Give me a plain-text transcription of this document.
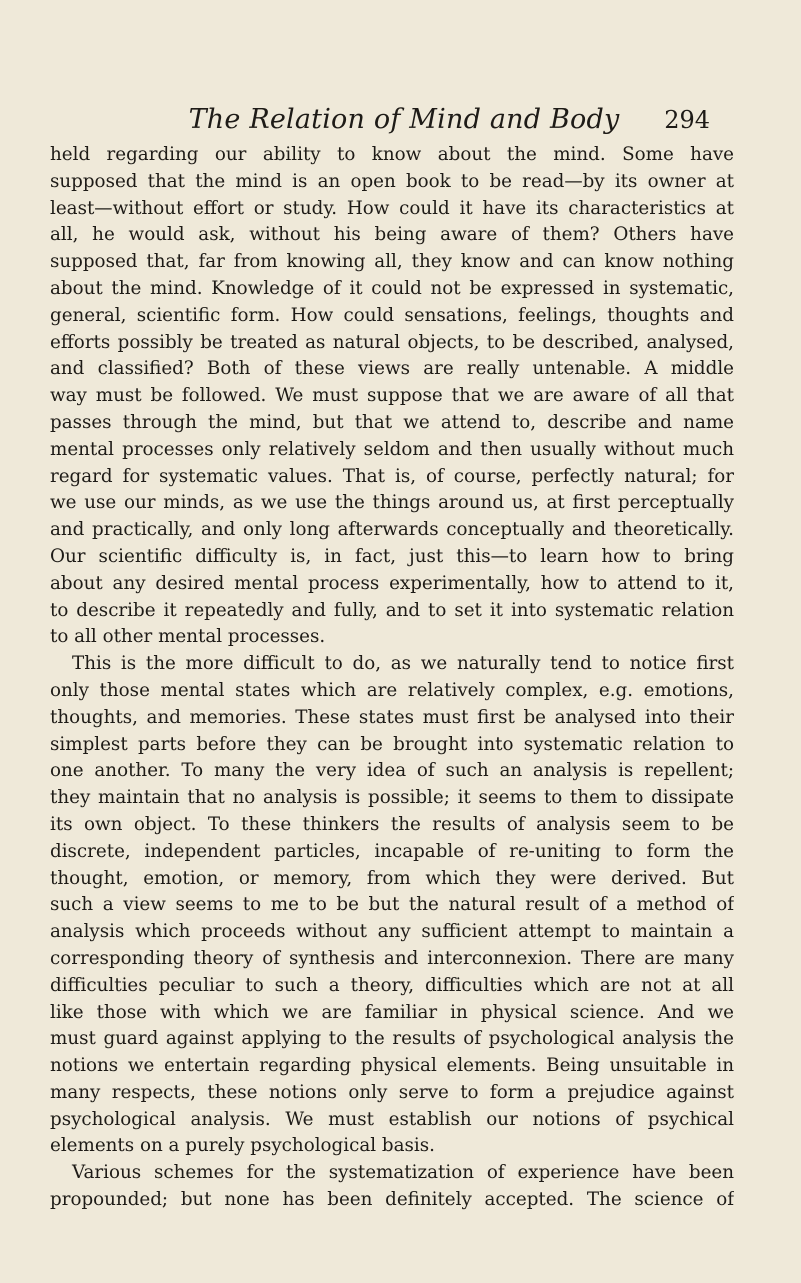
The Relation of Mind and Body	294
held regarding our ability to know about the mind. Some have
supposed that the mind is an open book to be read—by its owner at
least—without effort or study. How could it have its characteristics at
all, he would ask, without his being aware of them? Others have
supposed that, far from knowing all, they know and can know nothing
about the mind. Knowledge of it could not be expressed in systematic,
general, scientific form. How could sensations, feelings, thoughts and
efforts possibly be treated as natural objects, to be described, analysed,
and classified? Both of these views are really untenable. A middle
way must be followed. We must suppose that we are aware of all that
passes through the mind, but that we attend to, describe and name
mental processes only relatively seldom and then usually without much
regard for systematic values. That is, of course, perfectly natural; for
we use our minds, as we use the things around us, at first perceptually
and practically, and only long afterwards conceptually and theoretically.
Our scientific difficulty is, in fact, just this—to learn how to bring
about any desired mental process experimentally, how to attend to it,
to describe it repeatedly and fully, and to set it into systematic relation
to all other mental processes.
This is the more difficult to do, as we naturally tend to notice first
only those mental states which are relatively complex, e.g. emotions,
thoughts, and memories. These states must first be analysed into their
simplest parts before they can be brought into systematic relation to
one another. To many the very idea of such an analysis is repellent;
they maintain that no analysis is possible; it seems to them to dissipate
its own object. To these thinkers the results of analysis seem to be
discrete, independent particles, incapable of re-uniting to form the
thought, emotion, or memory, from which they were derived. But
such a view seems to me to be but the natural result of a method of
analysis which proceeds without any sufficient attempt to maintain a
corresponding theory of synthesis and interconnexion. There are many
difficulties peculiar to such a theory, difficulties which are not at all
like those with which we are familiar in physical science. And we
must guard against applying to the results of psychological analysis the
notions we entertain regarding physical elements. Being unsuitable in
many respects, these notions only serve to form a prejudice against
psychological analysis. We must establish our notions of psychical
elements on a purely psychological basis.
Various schemes for the systematization of experience have been
propounded; but none has been definitely accepted. The science of
